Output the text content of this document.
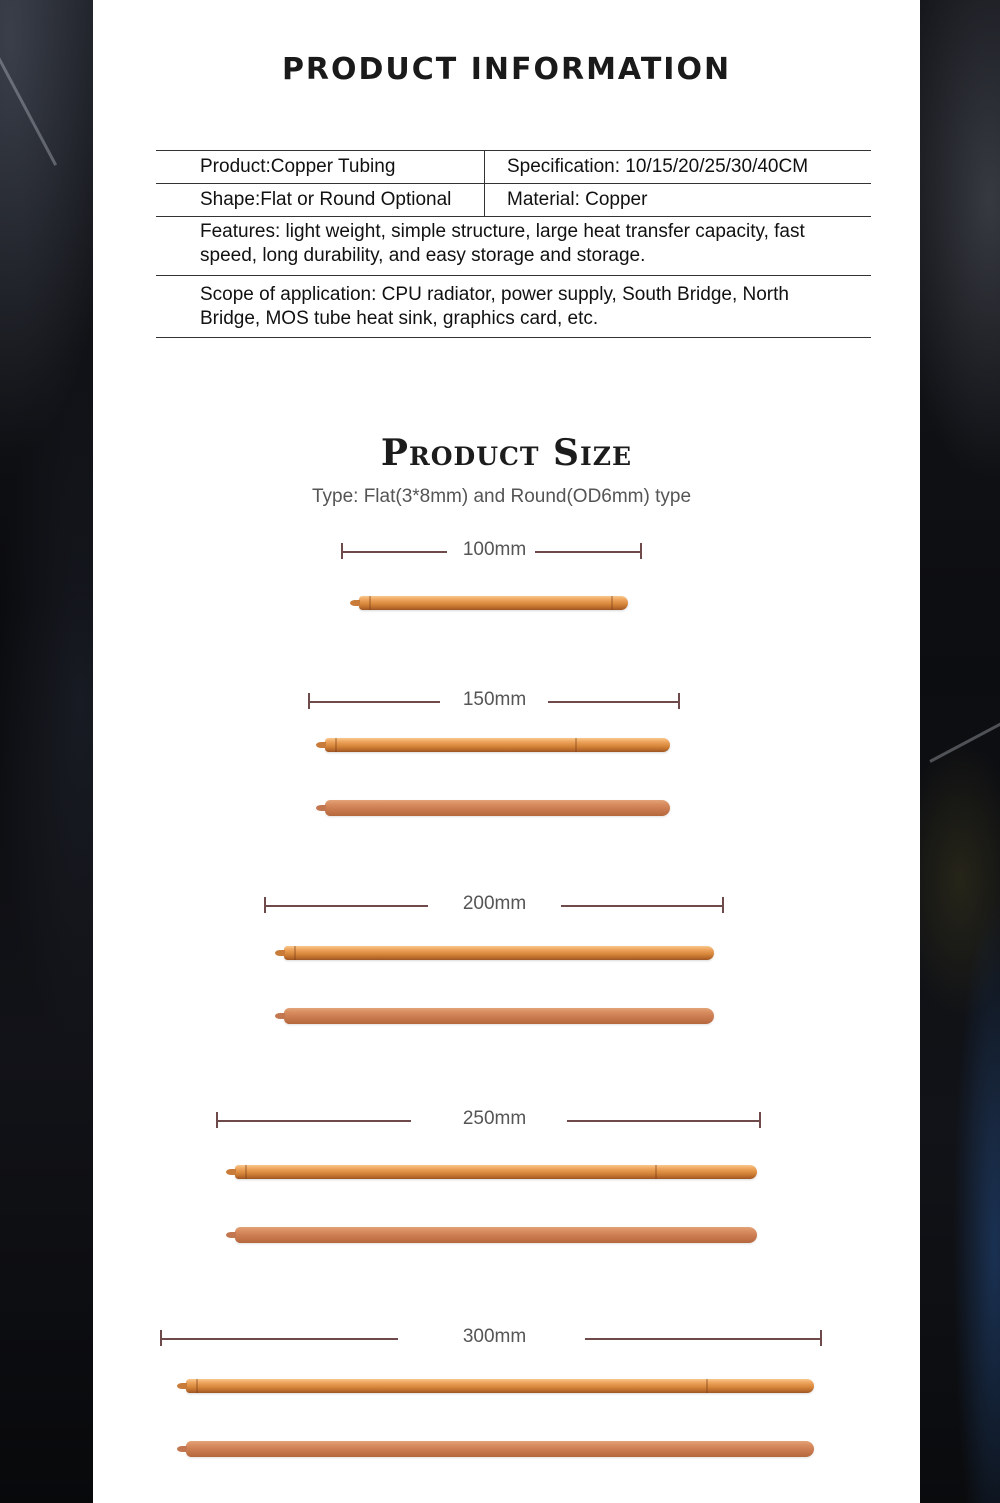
PRODUCT INFORMATION
Product:Copper Tubing	Specification: 10/15/20/25/30/40CM
Shape:Flat or Round Optional	Material: Copper
Features: light weight, simple structure, large heat transfer capacity, fast speed, long durability, and easy storage and storage.
Scope of application: CPU radiator, power supply, South Bridge, North Bridge, MOS tube heat sink, graphics card, etc.
Product Size
Type: Flat(3*8mm) and Round(OD6mm) type
100mm
150mm
200mm
250mm
300mm
